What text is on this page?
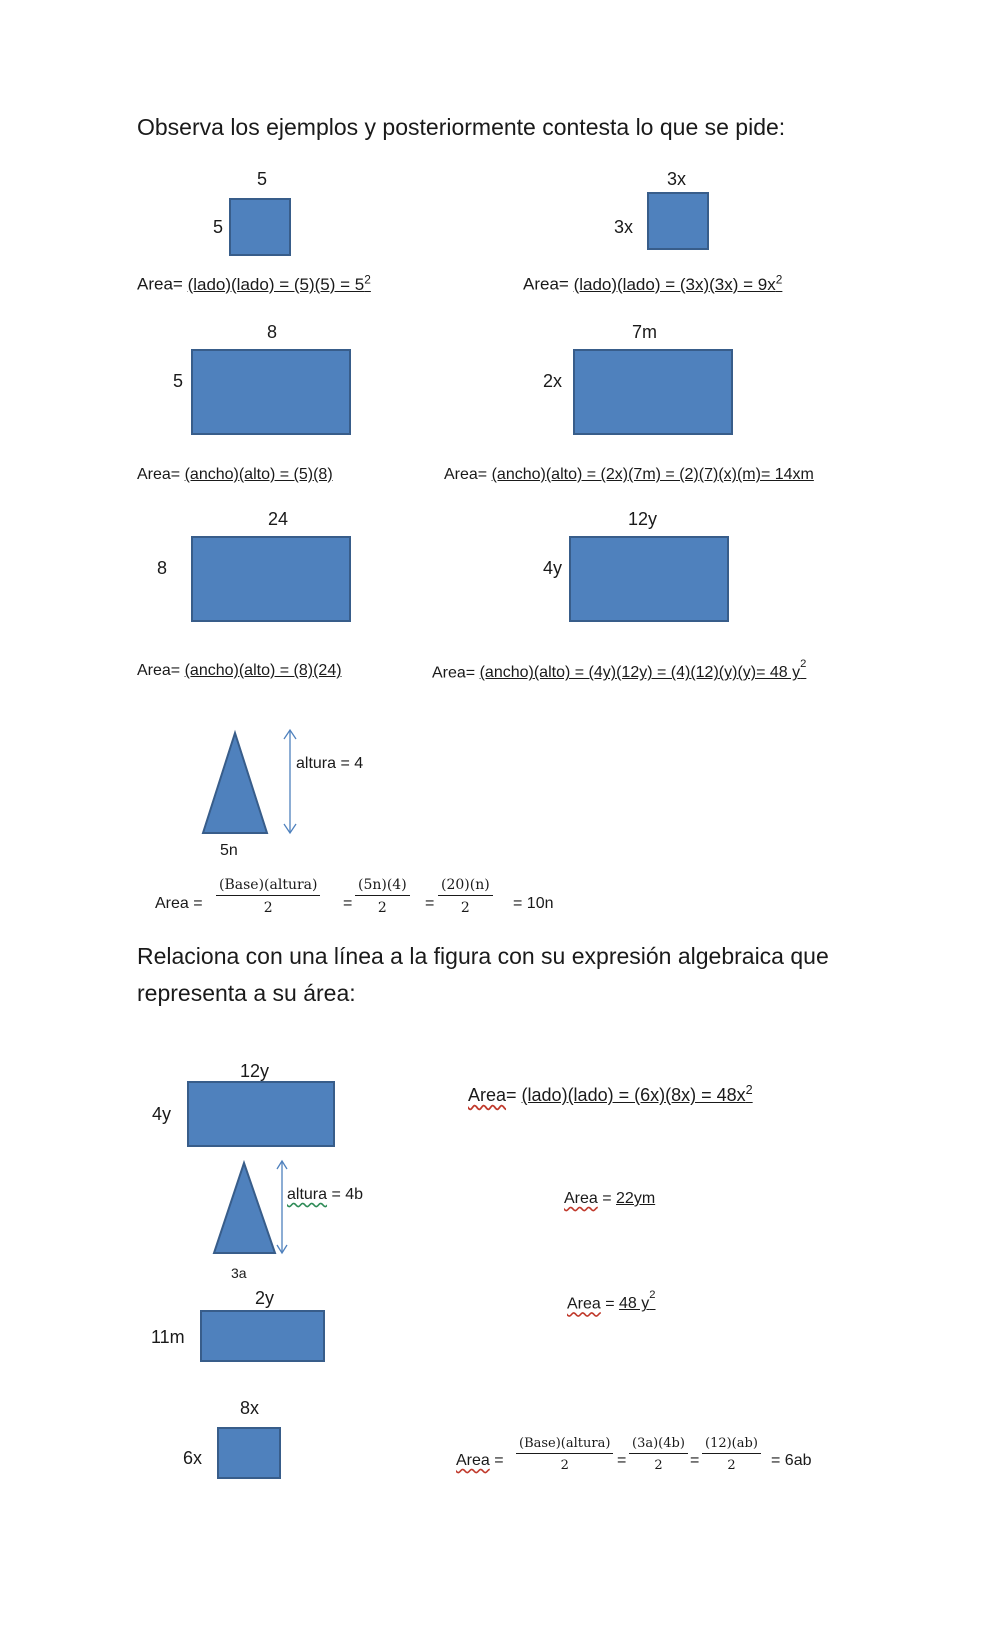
Observa los ejemplos y posteriormente contesta lo que se pide:
5
5
Area= (lado)(lado) = $(5)(5) = 5^2$
3x
3x
Area= (lado)(lado) = $(3x)(3x) = 9x^2$
8
5
Area= (ancho)(alto) = (5)(8)
7m
2x
Area= (ancho)(alto) = (2x)(7m) = (2)(7)(x)(m)= 14xm
24
8
Area= (ancho)(alto) = (8)(24)
12y
4y
Area= (ancho)(alto) = (4y)(12y) = (4)(12)(y)(y)= 48 $y^2$
altura = 4
5n
Area =
(Base)(altura)
2	= $\frac{(5n)(4)}{2} = \frac{(20)(n)}{2} = 10n$
Relaciona con una línea a la figura con su expresión algebraica que
representa a su área:
12y
4y
altura = 4b
3a
2y
11m
8x
6x
Area= (lado)(lado) = $(6x)(8x) = 48x^2$
Area = 22ym
Area = 48 $y^2$
Area =
(Base)(altura)
2	= $\frac{(3a)(4b)}{2} = \frac{(12)(ab)}{2} = 6ab$
